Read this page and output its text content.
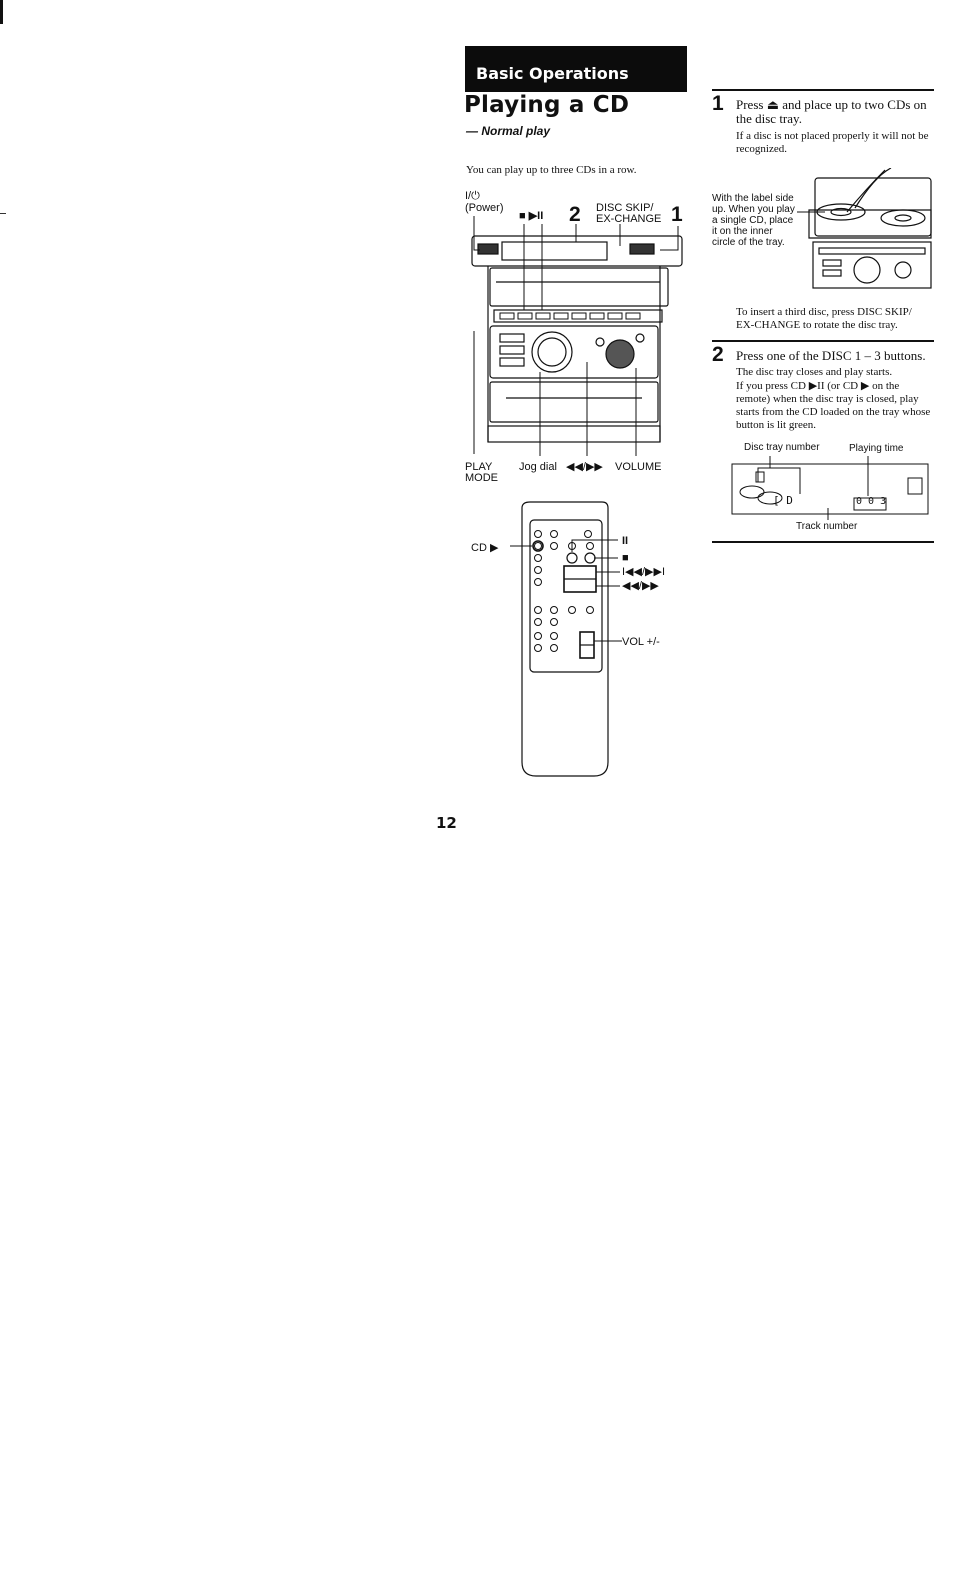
Basic Operations
Playing a CD
— Normal play
You can play up to three CDs in a row.
I/⏻
(Power)
■ ▶II 2 DISC SKIP/
EX-CHANGE 1
PLAY
MODE
Jog dial ◀◀/▶▶ VOLUME
CD ▶
II
■
I◀◀/▶▶I
◀◀/▶▶
VOL +/-
12
1 Press ⏏ and place up to two CDs on the disc tray.
If a disc is not placed properly it will not be recognized.
With the label side up. When you play a single CD, place it on the inner circle of the tray.
To insert a third disc, press DISC SKIP/ EX-CHANGE to rotate the disc tray.
2 Press one of the DISC 1 – 3 buttons.
The disc tray closes and play starts.
If you press CD ▶II (or CD ▶ on the remote) when the disc tray is closed, play starts from the CD loaded on the tray whose button is lit green.
Disc tray number	Playing time
[ D	0 0 3
Track number
